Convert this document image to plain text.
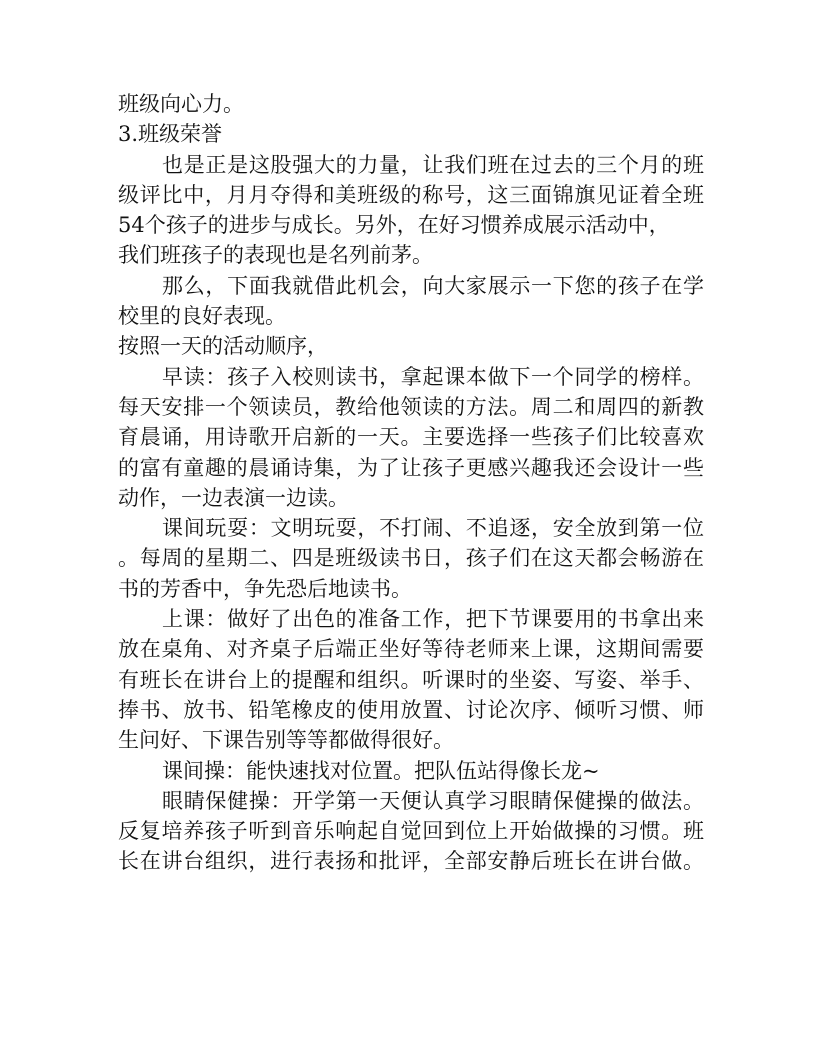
班级向心力。
3.班级荣誉
也是正是这股强大的力量，让我们班在过去的三个月的班
级评比中，月月夺得和美班级的称号，这三面锦旗见证着全班
54个孩子的进步与成长。另外，在好习惯养成展示活动中，
我们班孩子的表现也是名列前茅。
那么，下面我就借此机会，向大家展示一下您的孩子在学
校里的良好表现。
按照一天的活动顺序，
早读：孩子入校则读书，拿起课本做下一个同学的榜样。
每天安排一个领读员，教给他领读的方法。周二和周四的新教
育晨诵，用诗歌开启新的一天。主要选择一些孩子们比较喜欢
的富有童趣的晨诵诗集，为了让孩子更感兴趣我还会设计一些
动作，一边表演一边读。
课间玩耍：文明玩耍，不打闹、不追逐，安全放到第一位
。每周的星期二、四是班级读书日，孩子们在这天都会畅游在
书的芳香中，争先恐后地读书。
上课：做好了出色的准备工作，把下节课要用的书拿出来
放在桌角、对齐桌子后端正坐好等待老师来上课，这期间需要
有班长在讲台上的提醒和组织。听课时的坐姿、写姿、举手、
捧书、放书、铅笔橡皮的使用放置、讨论次序、倾听习惯、师
生问好、下课告别等等都做得很好。
课间操：能快速找对位置。把队伍站得像长龙~
眼睛保健操：开学第一天便认真学习眼睛保健操的做法。
反复培养孩子听到音乐响起自觉回到位上开始做操的习惯。班
长在讲台组织，进行表扬和批评，全部安静后班长在讲台做。
